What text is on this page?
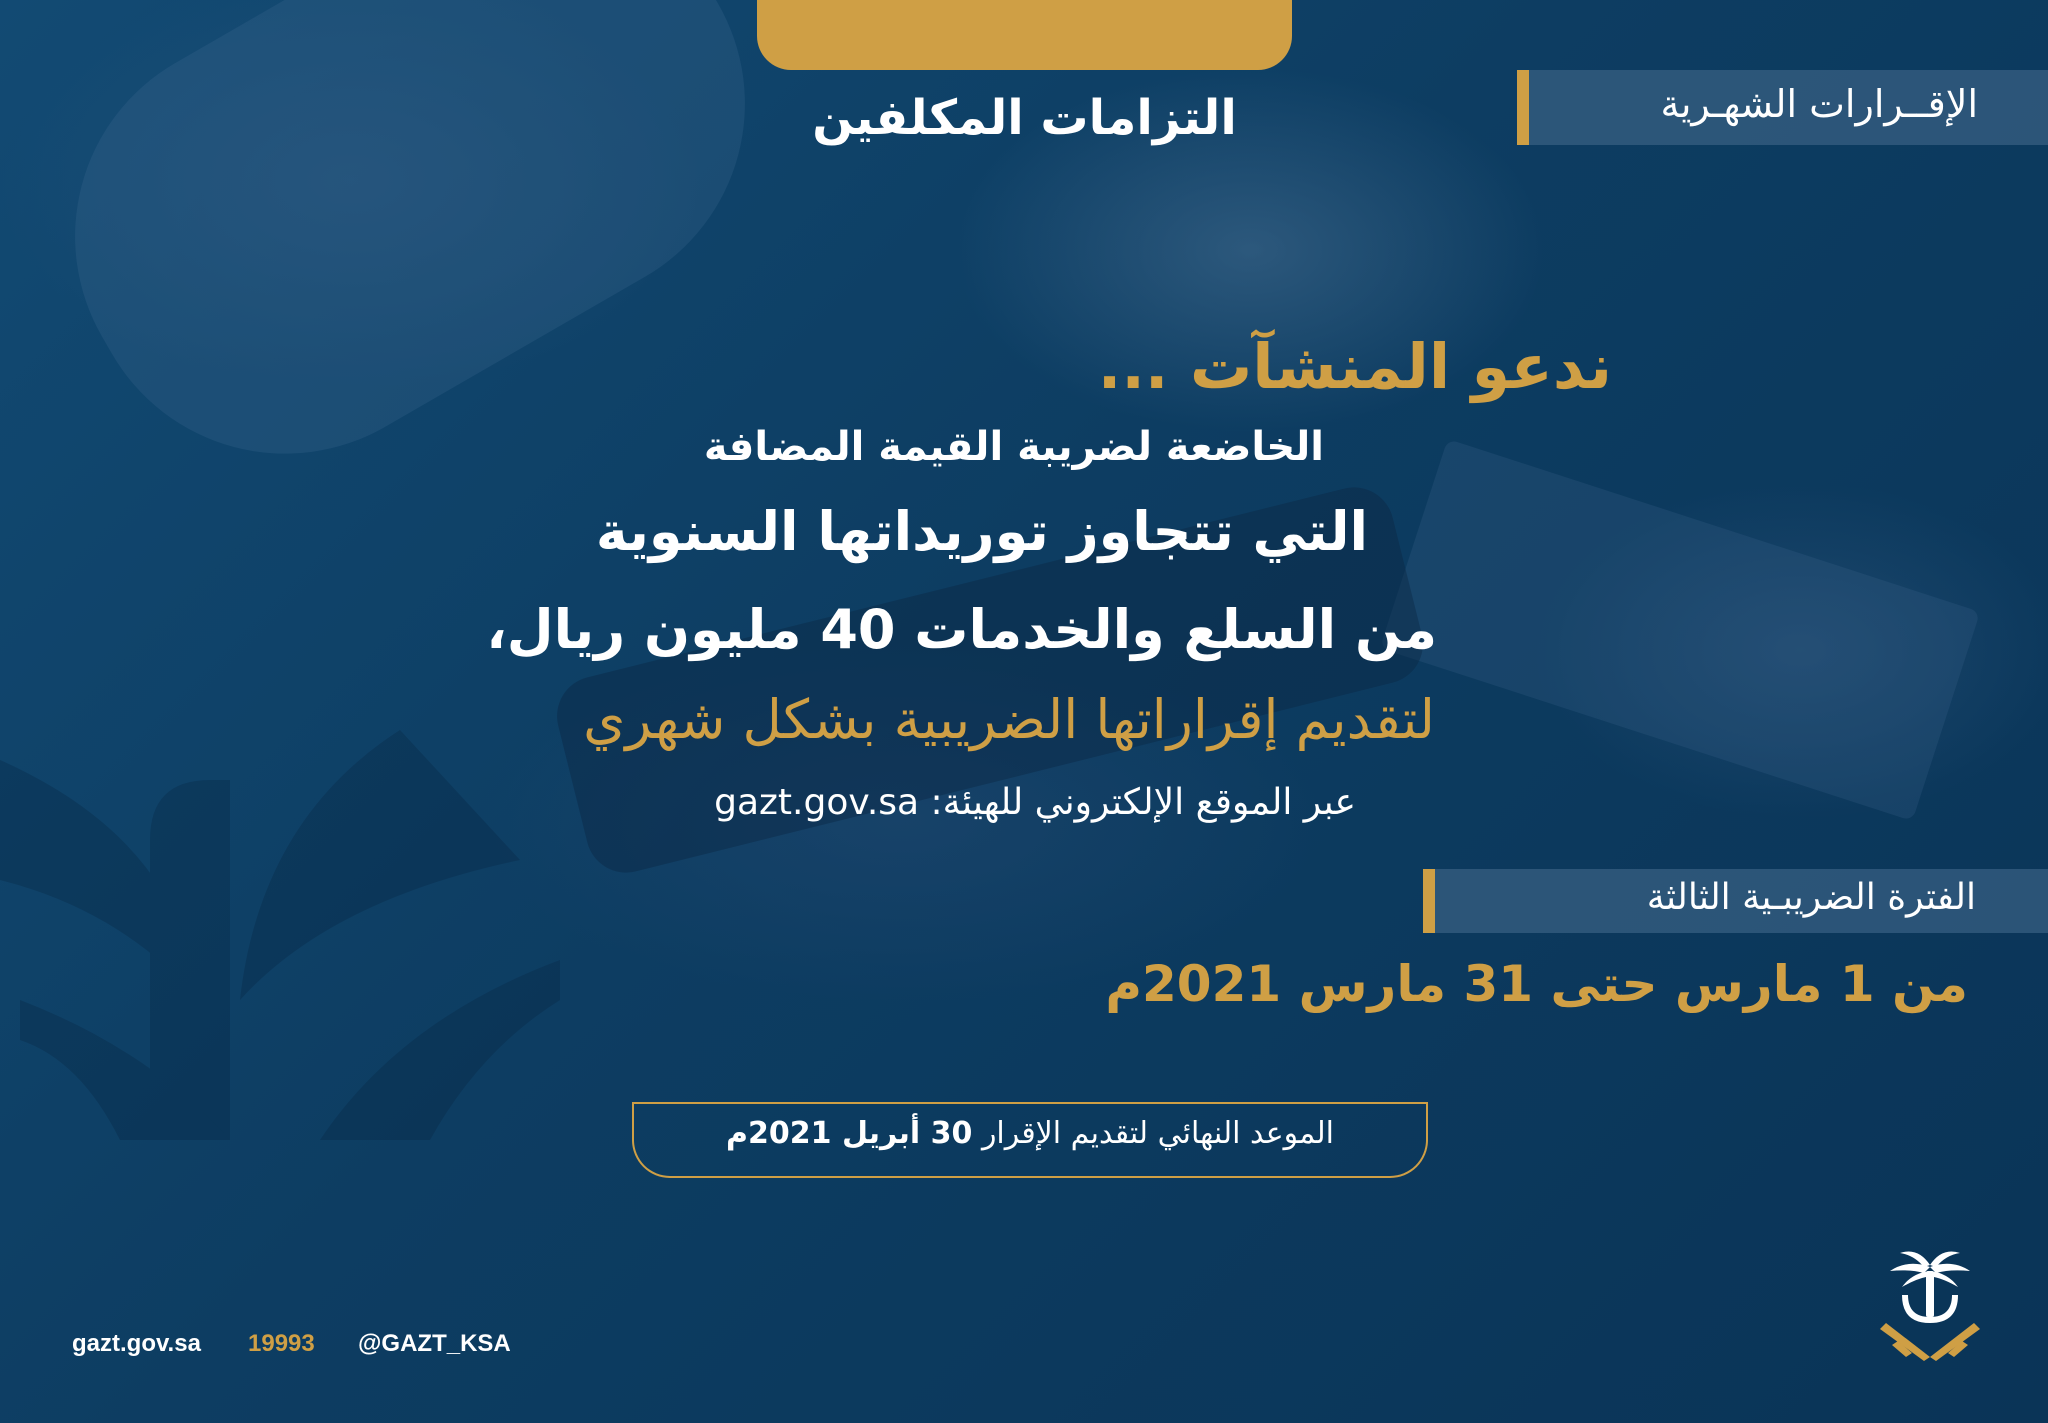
التزامات المكلفين	الإقــرارات الشهـرية
ندعو المنشآت ...
الخاضعة لضريبة القيمة المضافة
التي تتجاوز توريداتها السنوية
من السلع والخدمات 40 مليون ريال،
لتقديم إقراراتها الضريبية بشكل شهري
عبر الموقع الإلكتروني للهيئة: gazt.gov.sa
الفترة الضريبـية الثالثة
من 1 مارس حتى 31 مارس 2021م
الموعد النهائي لتقديم الإقرار 30 أبريل 2021م
gazt.gov.sa 19993 @GAZT_KSA
